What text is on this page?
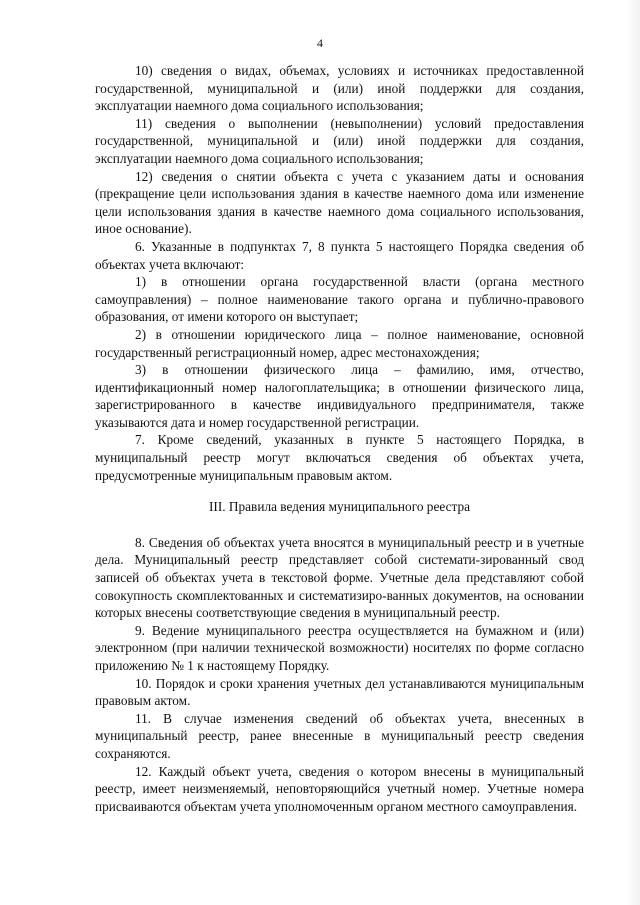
4

10) сведения о видах, объемах, условиях и источниках предоставленной государственной, муниципальной и (или) иной поддержки для создания, эксплуатации наемного дома социального использования;

11) сведения о выполнении (невыполнении) условий предоставления государственной, муниципальной и (или) иной поддержки для создания, эксплуатации наемного дома социального использования;

12) сведения о снятии объекта с учета с указанием даты и основания (прекращение цели использования здания в качестве наемного дома или изменение цели использования здания в качестве наемного дома социального использования, иное основание).

6. Указанные в подпунктах 7, 8 пункта 5 настоящего Порядка сведения об объектах учета включают:

1) в отношении органа государственной власти (органа местного самоуправления) – полное наименование такого органа и публично-правового образования, от имени которого он выступает;

2) в отношении юридического лица – полное наименование, основной государственный регистрационный номер, адрес местонахождения;

3) в отношении физического лица – фамилию, имя, отчество, идентификационный номер налогоплательщика; в отношении физического лица, зарегистрированного в качестве индивидуального предпринимателя, также указываются дата и номер государственной регистрации.

7. Кроме сведений, указанных в пункте 5 настоящего Порядка, в муниципальный реестр могут включаться сведения об объектах учета, предусмотренные муниципальным правовым актом.

III. Правила ведения муниципального реестра

8. Сведения об объектах учета вносятся в муниципальный реестр и в учетные дела. Муниципальный реестр представляет собой системати-зированный свод записей об объектах учета в текстовой форме. Учетные дела представляют собой совокупность скомплектованных и систематизиро-ванных документов, на основании которых внесены соответствующие сведения в муниципальный реестр.

9. Ведение муниципального реестра осуществляется на бумажном и (или) электронном (при наличии технической возможности) носителях по форме согласно приложению № 1 к настоящему Порядку.

10. Порядок и сроки хранения учетных дел устанавливаются муниципальным правовым актом.

11. В случае изменения сведений об объектах учета, внесенных в муниципальный реестр, ранее внесенные в муниципальный реестр сведения сохраняются.

12. Каждый объект учета, сведения о котором внесены в муниципальный реестр, имеет неизменяемый, неповторяющийся учетный номер. Учетные номера присваиваются объектам учета уполномоченным органом местного самоуправления.
